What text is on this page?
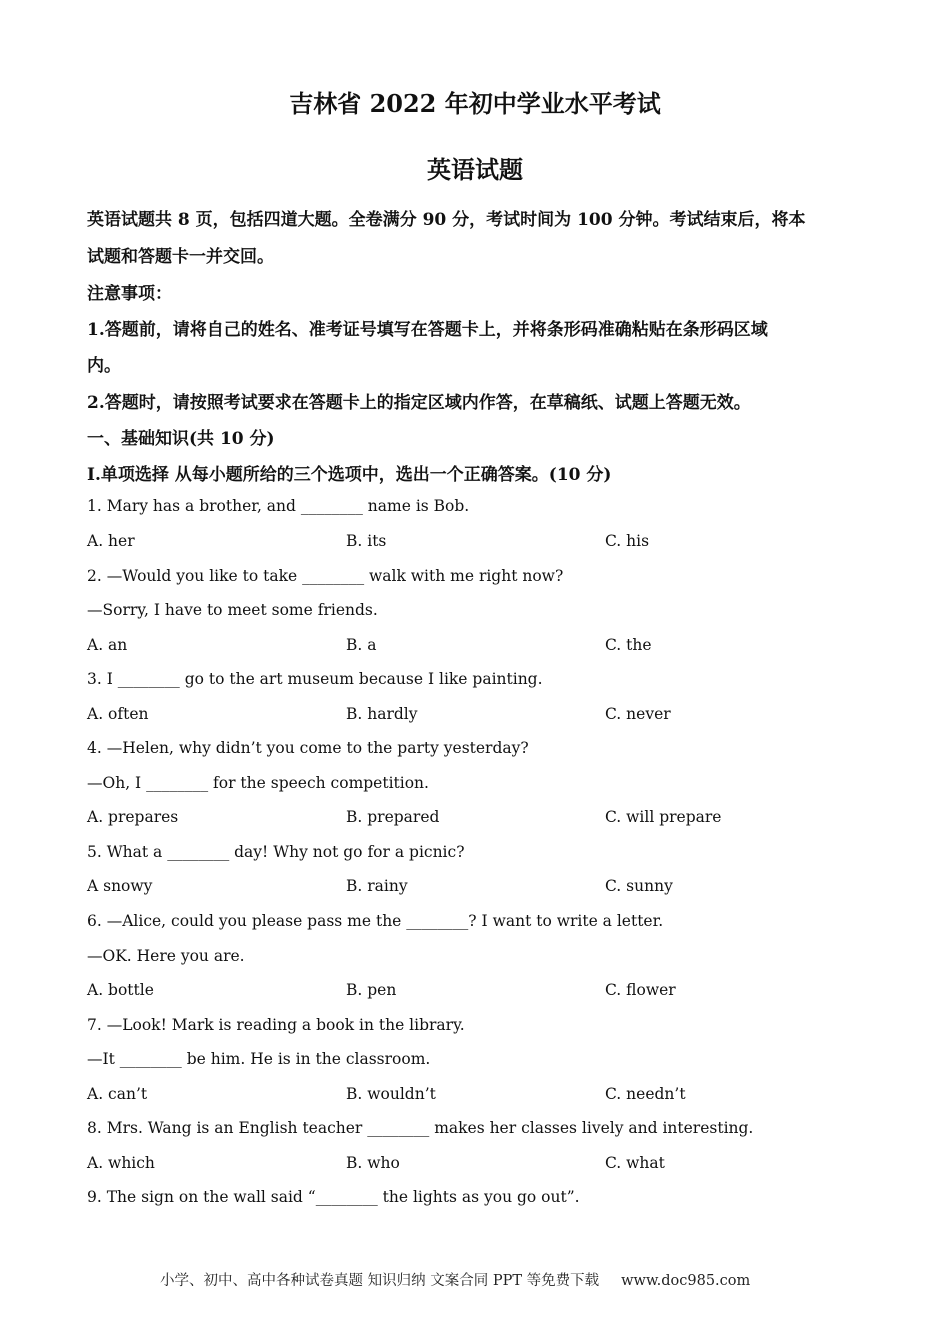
吉林省 2022 年初中学业水平考试
英语试题
英语试题共 8 页，包括四道大题。全卷满分 90 分，考试时间为 100 分钟。考试结束后，将本
试题和答题卡一并交回。
注意事项：
1.答题前，请将自己的姓名、准考证号填写在答题卡上，并将条形码准确粘贴在条形码区域
内。
2.答题时，请按照考试要求在答题卡上的指定区域内作答，在草稿纸、试题上答题无效。
一、基础知识(共 10 分)
I.单项选择 从每小题所给的三个选项中，选出一个正确答案。(10 分)
1. Mary has a brother, and ________ name is Bob.
A. her	B. its	C. his
2. —Would you like to take ________ walk with me right now?
—Sorry, I have to meet some friends.
A. an	B. a	C. the
3. I ________ go to the art museum because I like painting.
A. often	B. hardly	C. never
4. —Helen, why didn’t you come to the party yesterday?
—Oh, I ________ for the speech competition.
A. prepares	B. prepared	C. will prepare
5. What a ________ day! Why not go for a picnic?
A snowy	B. rainy	C. sunny
6. —Alice, could you please pass me the ________? I want to write a letter.
—OK. Here you are.
A. bottle	B. pen	C. flower
7. —Look! Mark is reading a book in the library.
—It ________ be him. He is in the classroom.
A. can’t	B. wouldn’t	C. needn’t
8. Mrs. Wang is an English teacher ________ makes her classes lively and interesting.
A. which	B. who	C. what
9. The sign on the wall said “________ the lights as you go out”.
小学、初中、高中各种试卷真题 知识归纳 文案合同 PPT 等免费下载 www.doc985.com
